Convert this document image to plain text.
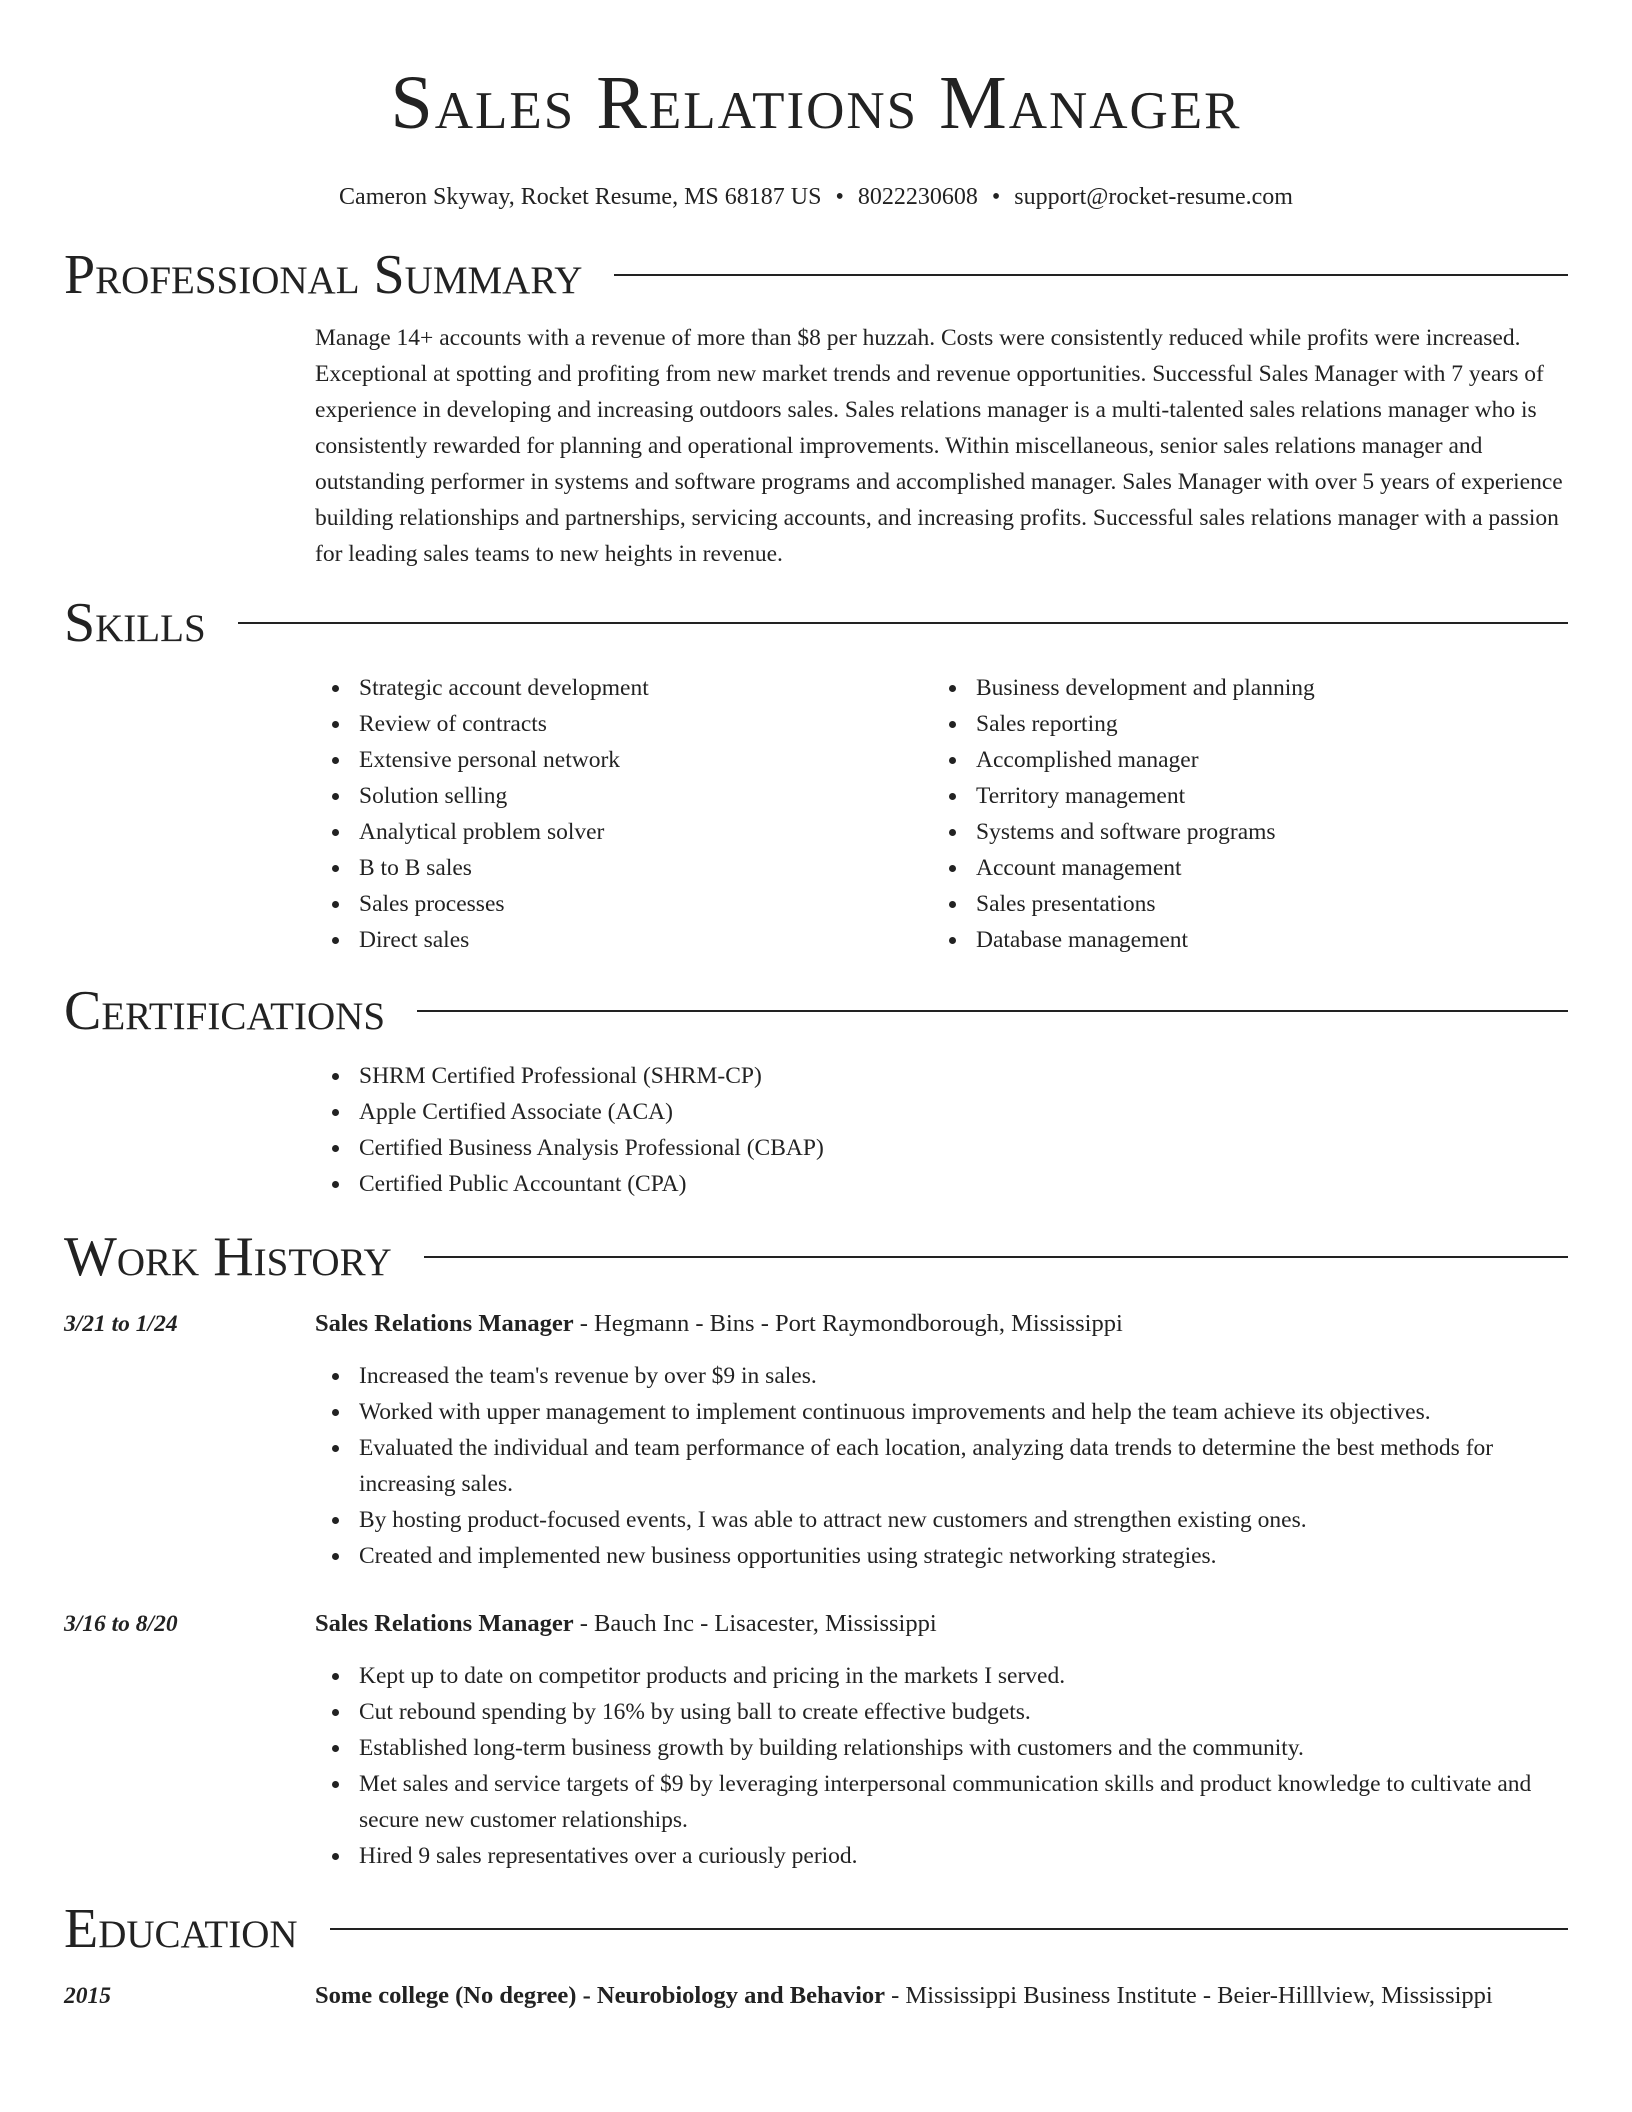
Sales Relations Manager
Cameron Skyway, Rocket Resume, MS 68187 US • 8022230608 • support@rocket-resume.com
Professional Summary

Manage 14+ accounts with a revenue of more than $8 per huzzah. Costs were consistently reduced while profits were increased. Exceptional at spotting and profiting from new market trends and revenue opportunities. Successful Sales Manager with 7 years of experience in developing and increasing outdoors sales. Sales relations manager is a multi-talented sales relations manager who is consistently rewarded for planning and operational improvements. Within miscellaneous, senior sales relations manager and outstanding performer in systems and software programs and accomplished manager. Sales Manager with over 5 years of experience building relationships and partnerships, servicing accounts, and increasing profits. Successful sales relations manager with a passion for leading sales teams to new heights in revenue.

Skills
Strategic account development
Review of contracts
Extensive personal network
Solution selling
Analytical problem solver
B to B sales
Sales processes
Direct sales
Business development and planning
Sales reporting
Accomplished manager
Territory management
Systems and software programs
Account management
Sales presentations
Database management
Certifications
SHRM Certified Professional (SHRM-CP)
Apple Certified Associate (ACA)
Certified Business Analysis Professional (CBAP)
Certified Public Accountant (CPA)
Work History
3/21 to 1/24	Sales Relations Manager - Hegmann - Bins - Port Raymondborough, Mississippi
Increased the team's revenue by over $9 in sales.
Worked with upper management to implement continuous improvements and help the team achieve its objectives.
Evaluated the individual and team performance of each location, analyzing data trends to determine the best methods for increasing sales.
By hosting product-focused events, I was able to attract new customers and strengthen existing ones.
Created and implemented new business opportunities using strategic networking strategies.
3/16 to 8/20	Sales Relations Manager - Bauch Inc - Lisacester, Mississippi
Kept up to date on competitor products and pricing in the markets I served.
Cut rebound spending by 16% by using ball to create effective budgets.
Established long-term business growth by building relationships with customers and the community.
Met sales and service targets of $9 by leveraging interpersonal communication skills and product knowledge to cultivate and secure new customer relationships.
Hired 9 sales representatives over a curiously period.
Education
2015	Some college (No degree) - Neurobiology and Behavior - Mississippi Business Institute - Beier-Hilllview, Mississippi
